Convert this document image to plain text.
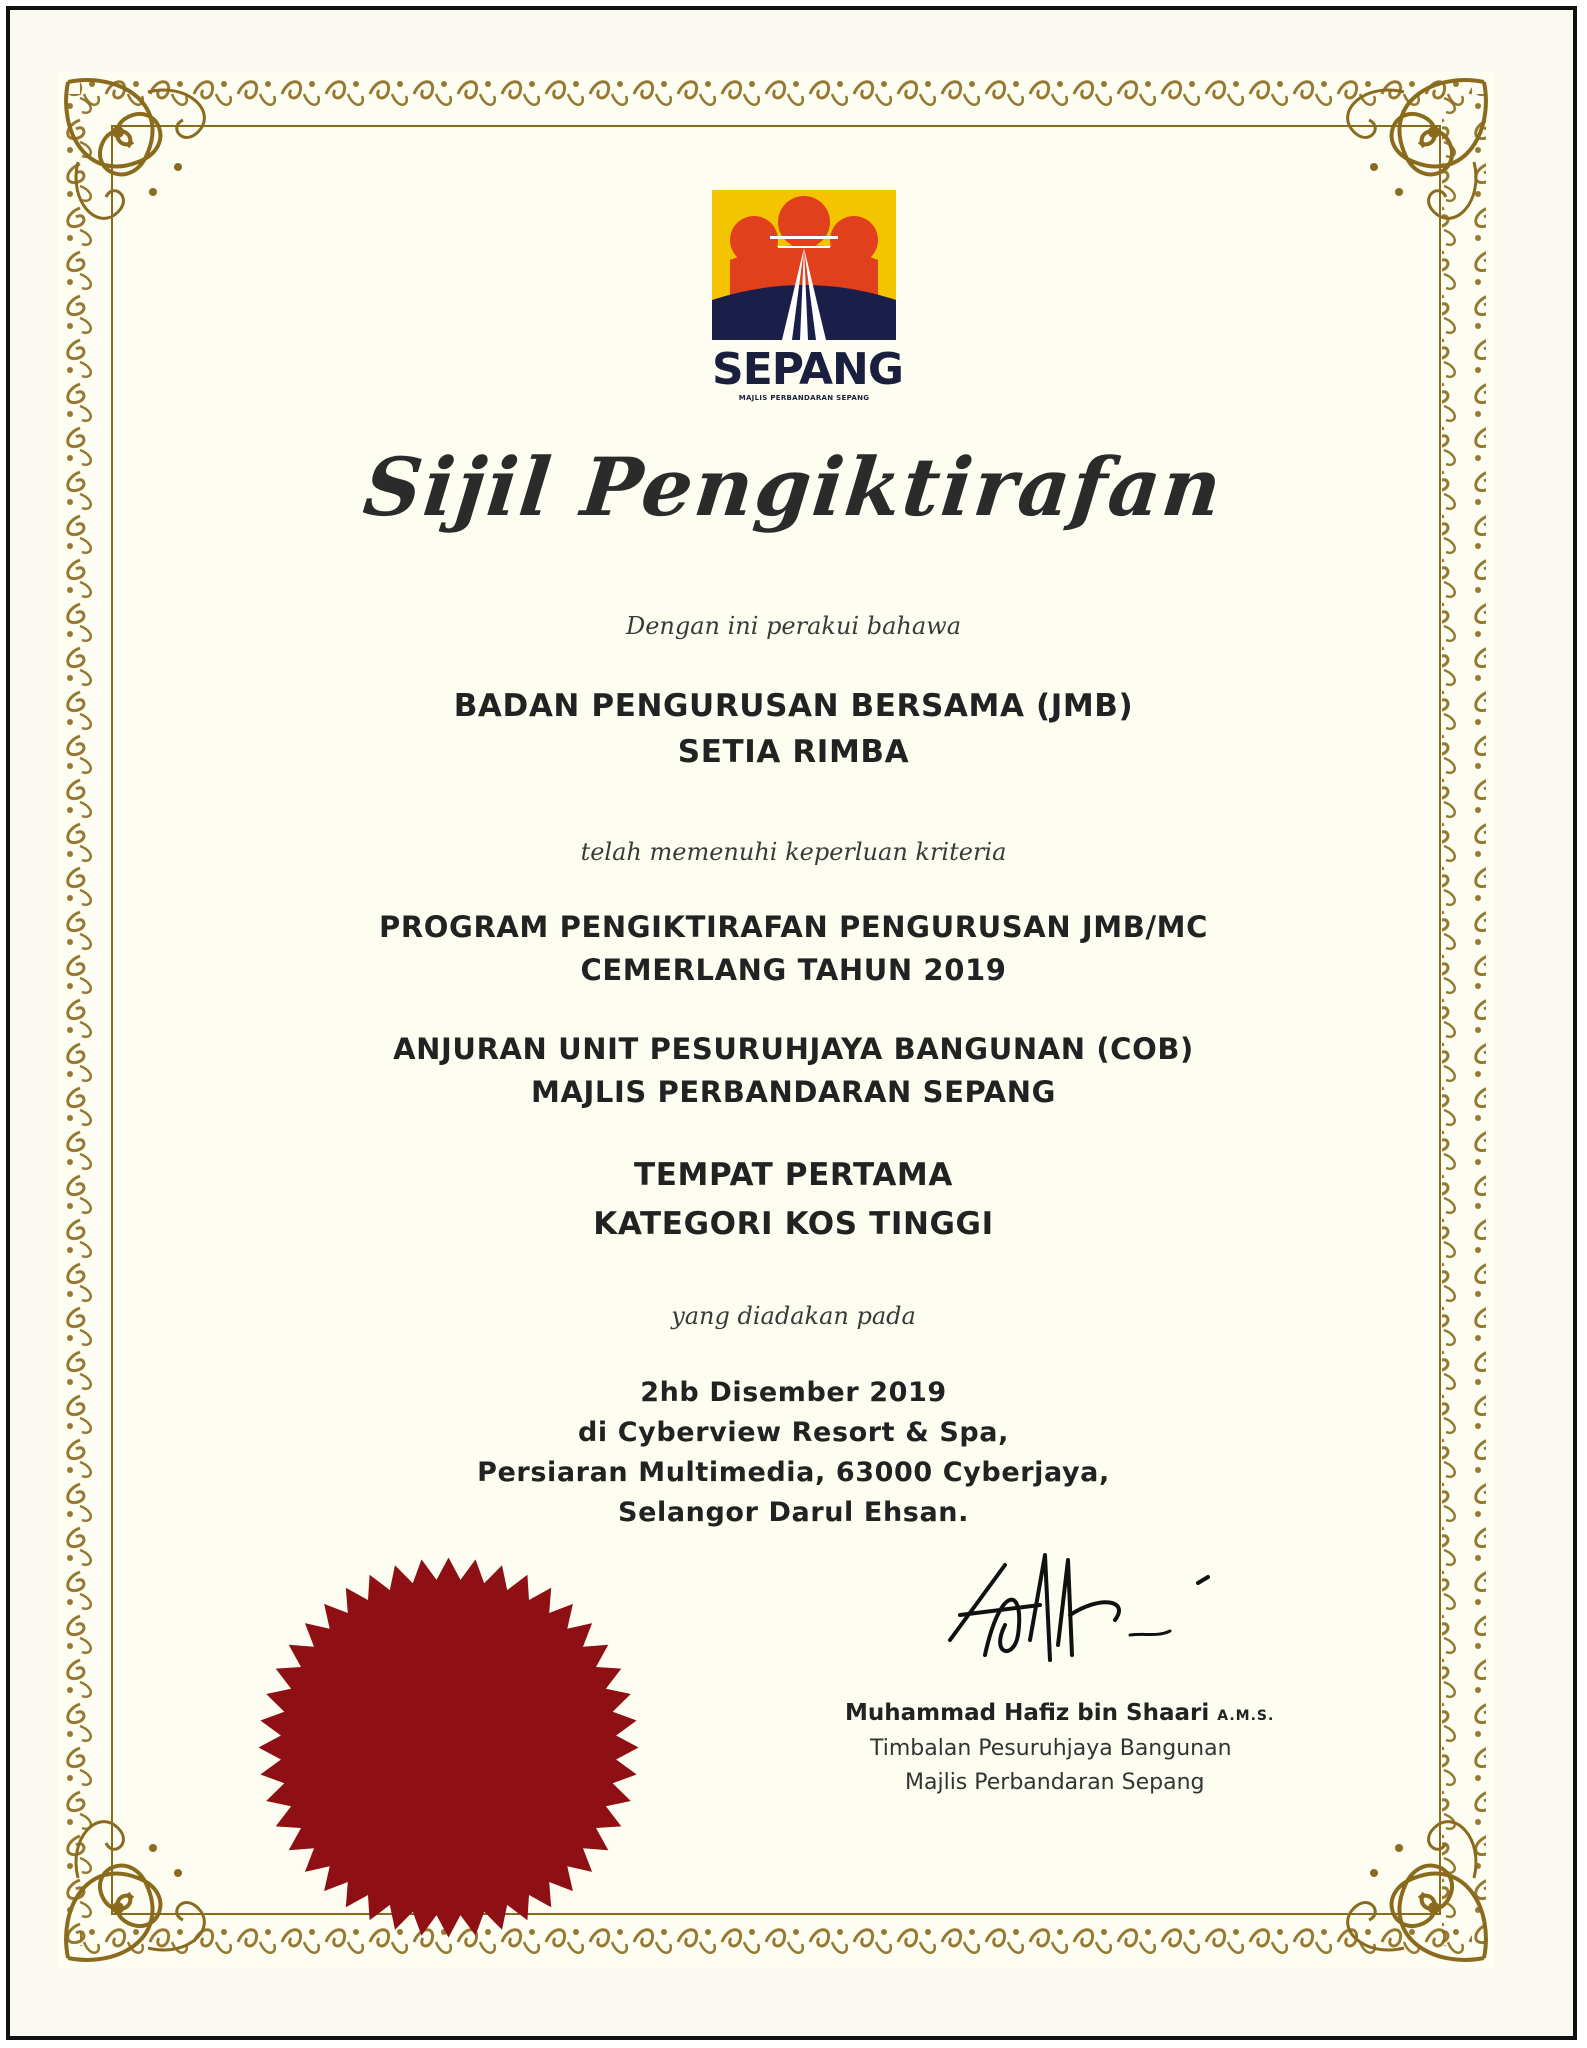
SEPANG
MAJLIS PERBANDARAN SEPANG
Sijil Pengiktirafan
Dengan ini perakui bahawa
BADAN PENGURUSAN BERSAMA (JMB)
SETIA RIMBA
telah memenuhi keperluan kriteria
PROGRAM PENGIKTIRAFAN PENGURUSAN JMB/MC
CEMERLANG TAHUN 2019
ANJURAN UNIT PESURUHJAYA BANGUNAN (COB)
MAJLIS PERBANDARAN SEPANG
TEMPAT PERTAMA
KATEGORI KOS TINGGI
yang diadakan pada
2hb Disember 2019
di Cyberview Resort & Spa,
Persiaran Multimedia, 63000 Cyberjaya,
Selangor Darul Ehsan.
Muhammad Hafiz bin Shaari A.M.S.
Timbalan Pesuruhjaya Bangunan
Majlis Perbandaran Sepang
